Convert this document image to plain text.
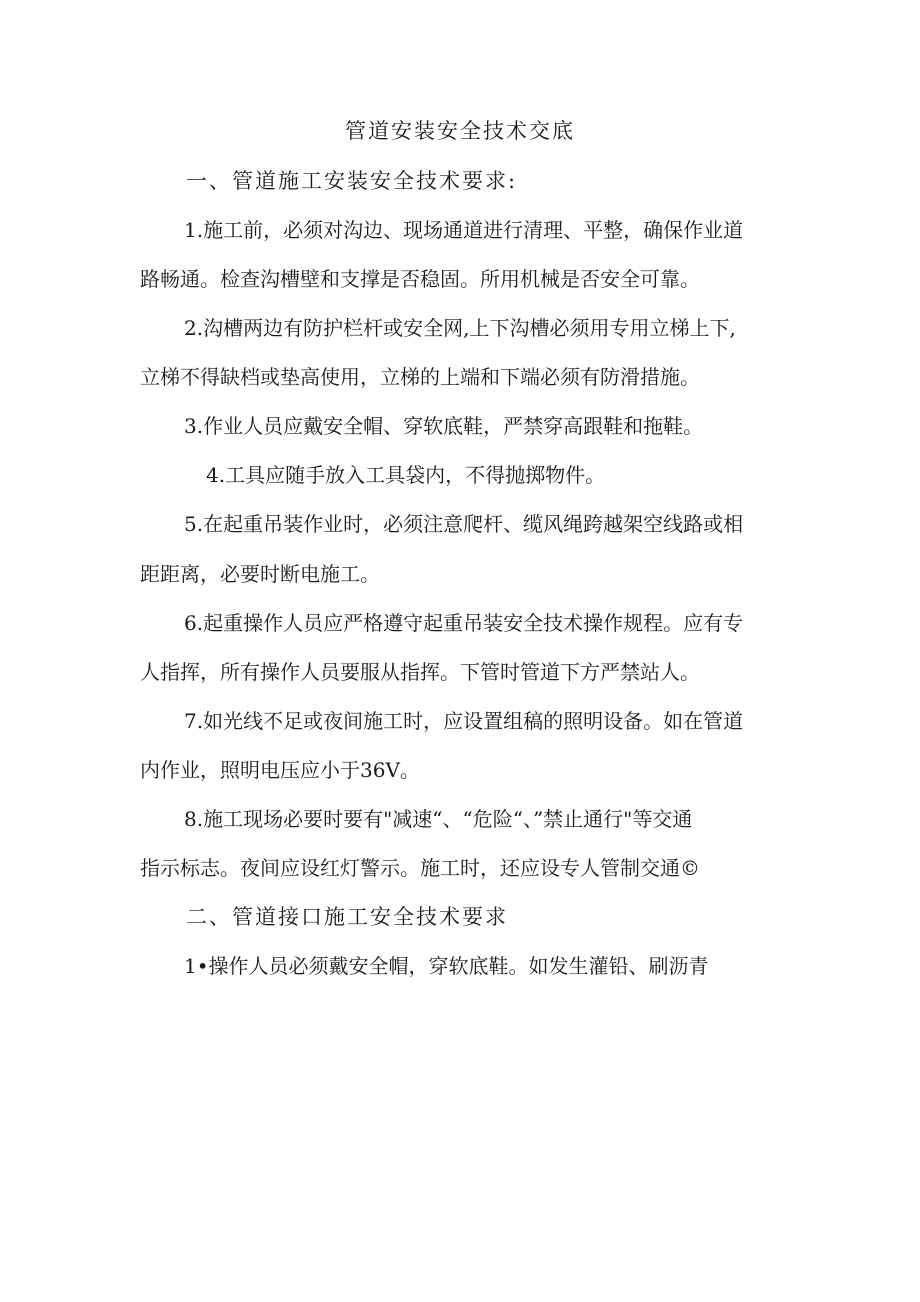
管道安装安全技术交底
一、管道施工安装安全技术要求:
1.施工前，必须对沟边、现场通道进行清理、平整，确保作业道
路畅通。检查沟槽壁和支撑是否稳固。所用机械是否安全可靠。
2.沟槽两边有防护栏杆或安全网,上下沟槽必须用专用立梯上下,
立梯不得缺档或垫高使用，立梯的上端和下端必须有防滑措施。
3.作业人员应戴安全帽、穿软底鞋，严禁穿高跟鞋和拖鞋。
4.工具应随手放入工具袋内，不得抛掷物件。
5.在起重吊装作业时，必须注意爬杆、缆风绳跨越架空线路或相
距距离，必要时断电施工。
6.起重操作人员应严格遵守起重吊装安全技术操作规程。应有专
人指挥，所有操作人员要服从指挥。下管时管道下方严禁站人。
7.如光线不足或夜间施工时，应设置组稿的照明设备。如在管道
内作业，照明电压应小于36V。
8.施工现场必要时要有"减速“、“危险“、”禁止通行"等交通
指示标志。夜间应设红灯警示。施工时，还应设专人管制交通©
二、管道接口施工安全技术要求
1•操作人员必须戴安全帽，穿软底鞋。如发生灌铅、刷沥青
